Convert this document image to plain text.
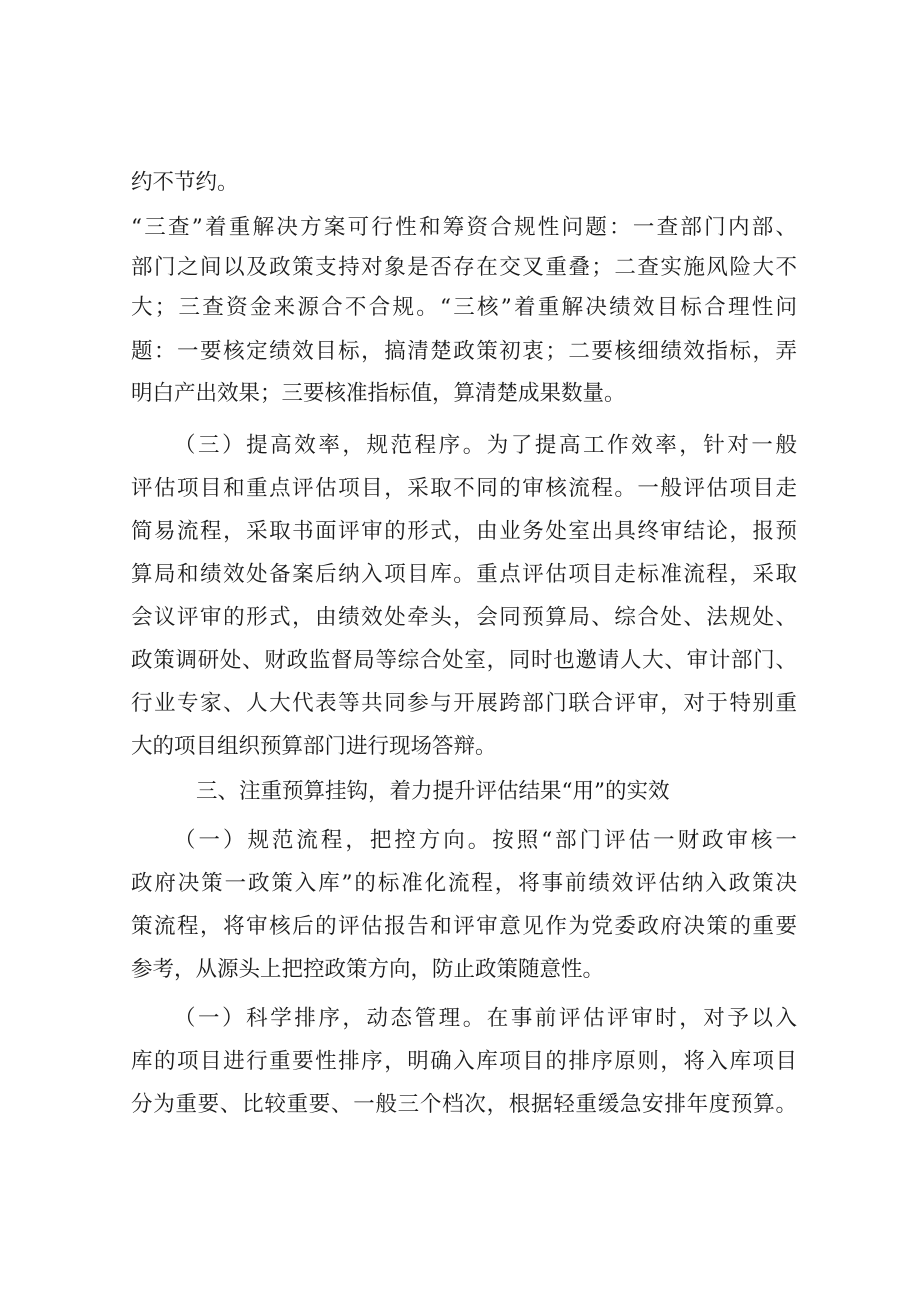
约不节约。
“三查”着重解决方案可行性和筹资合规性问题：一查部门内部、
部门之间以及政策支持对象是否存在交叉重叠；二查实施风险大不
大；三查资金来源合不合规。“三核”着重解决绩效目标合理性问
题：一要核定绩效目标，搞清楚政策初衷；二要核细绩效指标，弄
明白产出效果；三要核准指标值，算清楚成果数量。
（三）提高效率，规范程序。为了提高工作效率，针对一般
评估项目和重点评估项目，采取不同的审核流程。一般评估项目走
简易流程，采取书面评审的形式，由业务处室出具终审结论，报预
算局和绩效处备案后纳入项目库。重点评估项目走标准流程，采取
会议评审的形式，由绩效处牵头，会同预算局、综合处、法规处、
政策调研处、财政监督局等综合处室，同时也邀请人大、审计部门、
行业专家、人大代表等共同参与开展跨部门联合评审，对于特别重
大的项目组织预算部门进行现场答辩。
三、注重预算挂钩，着力提升评估结果“用”的实效
（一）规范流程，把控方向。按照“部门评估一财政审核一
政府决策一政策入库”的标准化流程，将事前绩效评估纳入政策决
策流程，将审核后的评估报告和评审意见作为党委政府决策的重要
参考，从源头上把控政策方向，防止政策随意性。
（一）科学排序，动态管理。在事前评估评审时，对予以入
库的项目进行重要性排序，明确入库项目的排序原则，将入库项目
分为重要、比较重要、一般三个档次，根据轻重缓急安排年度预算。
